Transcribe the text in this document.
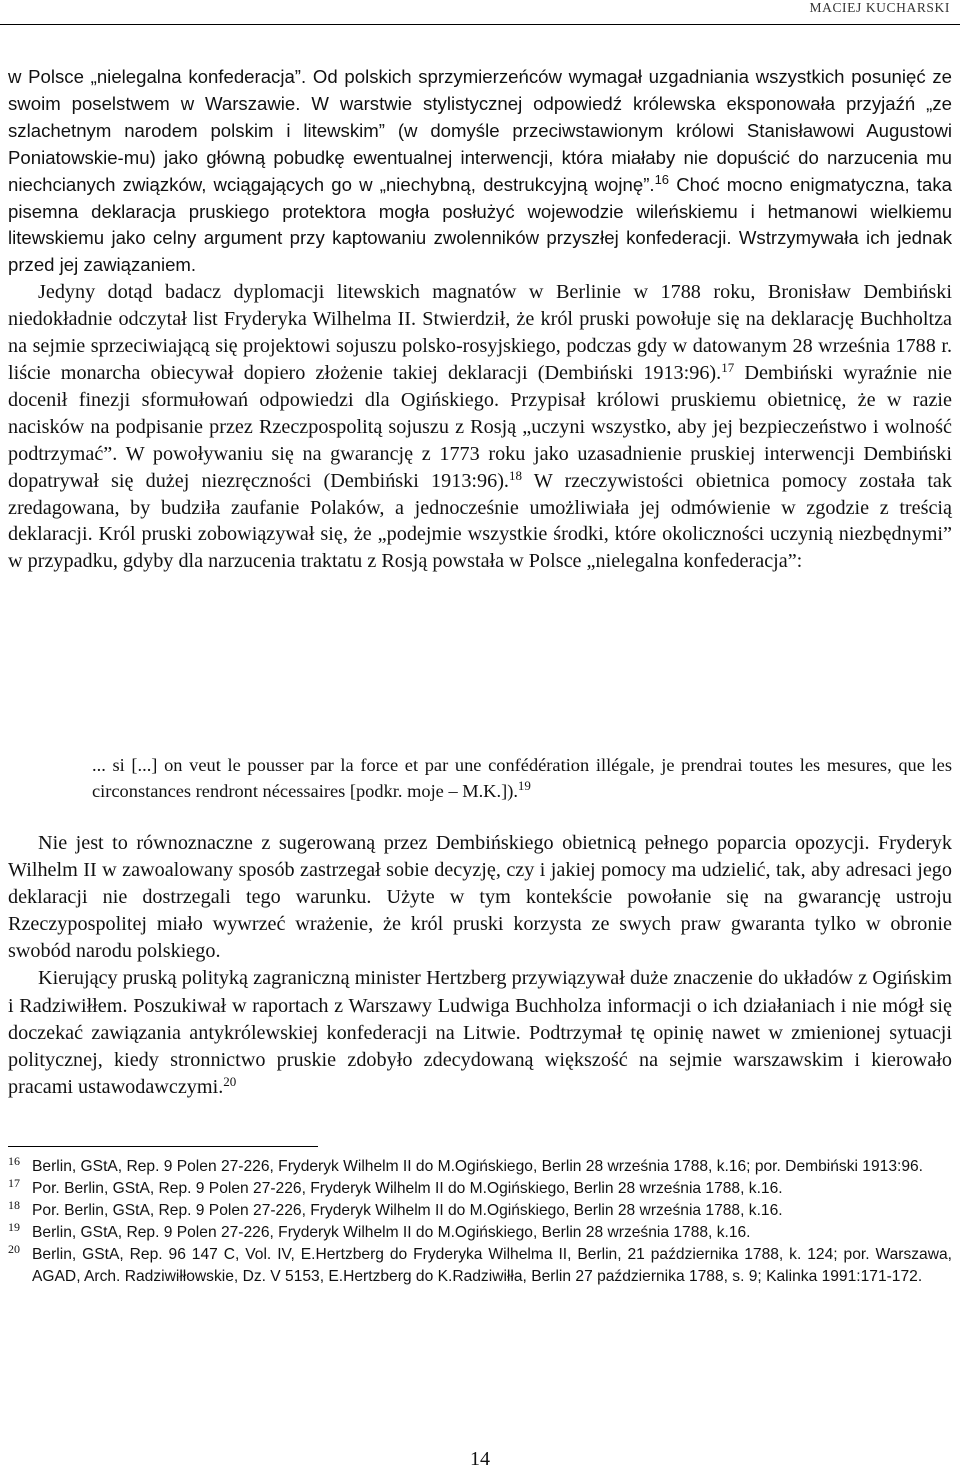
MACIEJ KUCHARSKI

w Polsce „nielegalna konfederacja”. Od polskich sprzymierzeńców wymagał uzgadniania wszystkich posunięć ze swoim poselstwem w Warszawie. W warstwie stylistycznej odpowiedź królewska eksponowała przyjaźń „ze szlachetnym narodem polskim i litewskim” (w domyśle przeciwstawionym królowi Stanisławowi Augustowi Poniatowskie-mu) jako główną pobudkę ewentualnej interwencji, która miałaby nie dopuścić do narzucenia mu niechcianych związków, wciągających go w „niechybną, destrukcyjną wojnę”.$^{16}$ Choć mocno enigmatyczna, taka pisemna deklaracja pruskiego protektora mogła posłużyć wojewodzie wileńskiemu i hetmanowi wielkiemu litewskiemu jako celny argument przy kaptowaniu zwolenników przyszłej konfederacji. Wstrzymywała ich jednak przed jej zawiązaniem.

Jedyny dotąd badacz dyplomacji litewskich magnatów w Berlinie w 1788 roku, Bronisław Dembiński niedokładnie odczytał list Fryderyka Wilhelma II. Stwierdził, że król pruski powołuje się na deklarację Buchholtza na sejmie sprzeciwiającą się projektowi sojuszu polsko-rosyjskiego, podczas gdy w datowanym 28 września 1788 r. liście monarcha obiecywał dopiero złożenie takiej deklaracji (Dembiński 1913:96).$^{17}$ Dembiński wyraźnie nie docenił finezji sformułowań odpowiedzi dla Ogińskiego. Przypisał królowi pruskiemu obietnicę, że w razie nacisków na podpisanie przez Rzeczpospolitą sojuszu z Rosją „uczyni wszystko, aby jej bezpieczeństwo i wolność podtrzymać”. W powoływaniu się na gwarancję z 1773 roku jako uzasadnienie pruskiej interwencji Dembiński dopatrywał się dużej niezręczności (Dembiński 1913:96).$^{18}$ W rzeczywistości obietnica pomocy została tak zredagowana, by budziła zaufanie Polaków, a jednocześnie umożliwiała jej odmówienie w zgodzie z treścią deklaracji. Król pruski zobowiązywał się, że „podejmie wszystkie środki, które okoliczności uczynią niezbędnymi” w przypadku, gdyby dla narzucenia traktatu z Rosją powstała w Polsce „nielegalna konfederacja”:

... si [...] on veut le pousser par la force et par une confédération illégale, je prendrai toutes les mesures, que les circonstances rendront nécessaires [podkr. moje – M.K.]).$^{19}$

Nie jest to równoznaczne z sugerowaną przez Dembińskiego obietnicą pełnego poparcia opozycji. Fryderyk Wilhelm II w zawoalowany sposób zastrzegał sobie decyzję, czy i jakiej pomocy ma udzielić, tak, aby adresaci jego deklaracji nie dostrzegali tego warunku. Użyte w tym kontekście powołanie się na gwarancję ustroju Rzeczypospolitej miało wywrzeć wrażenie, że król pruski korzysta ze swych praw gwaranta tylko w obronie swobód narodu polskiego.

Kierujący pruską polityką zagraniczną minister Hertzberg przywiązywał duże znaczenie do układów z Ogińskim i Radziwiłłem. Poszukiwał w raportach z Warszawy Ludwiga Buchholza informacji o ich działaniach i nie mógł się doczekać zawiązania antykrólewskiej konfederacji na Litwie. Podtrzymał tę opinię nawet w zmienionej sytuacji politycznej, kiedy stronnictwo pruskie zdobyło zdecydowaną większość na sejmie warszawskim i kierowało pracami ustawodawczymi.$^{20}$

16 Berlin, GStA, Rep. 9 Polen 27-226, Fryderyk Wilhelm II do M.Ogińskiego, Berlin 28 września 1788, k.16; por. Dembiński 1913:96.

17 Por. Berlin, GStA, Rep. 9 Polen 27-226, Fryderyk Wilhelm II do M.Ogińskiego, Berlin 28 września 1788, k.16.

18 Por. Berlin, GStA, Rep. 9 Polen 27-226, Fryderyk Wilhelm II do M.Ogińskiego, Berlin 28 września 1788, k.16.

19 Berlin, GStA, Rep. 9 Polen 27-226, Fryderyk Wilhelm II do M.Ogińskiego, Berlin 28 września 1788, k.16.

20 Berlin, GStA, Rep. 96 147 C, Vol. IV, E.Hertzberg do Fryderyka Wilhelma II, Berlin, 21 października 1788, k. 124; por. Warszawa, AGAD, Arch. Radziwiłłowskie, Dz. V 5153, E.Hertzberg do K.Radziwiłła, Berlin 27 października 1788, s. 9; Kalinka 1991:171-172.

14
